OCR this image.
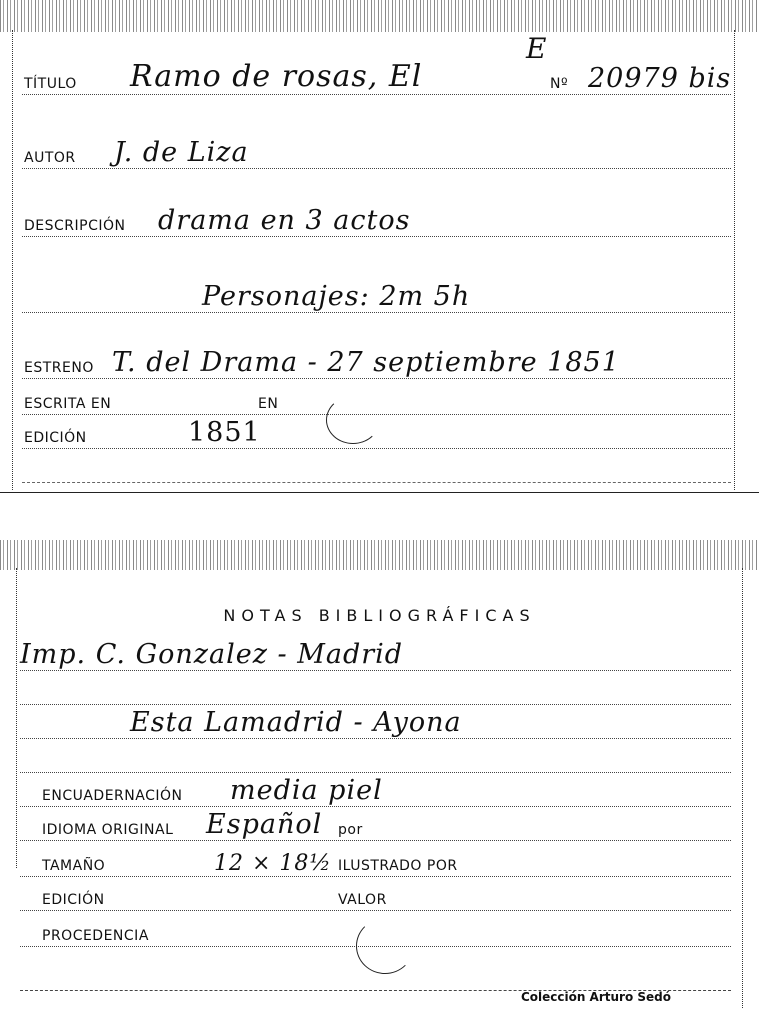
E
TÍTULO Ramo de rosas, El	Nº 20979 bis
AUTOR J. de Liza
DESCRIPCIÓN drama en 3 actos
Personajes: 2m 5h
ESTRENO T. del Drama - 27 septiembre 1851
ESCRITA EN	EN
EDICIÓN	1851
NOTAS BIBLIOGRÁFICAS
Imp. C. Gonzalez - Madrid
Esta Lamadrid - Ayona
ENCUADERNACIÓN media piel
IDIOMA ORIGINAL Español por
TAMAÑO	12 × 18½ ILUSTRADO POR
EDICIÓN	VALOR
PROCEDENCIA
Colección Arturo Sedó
